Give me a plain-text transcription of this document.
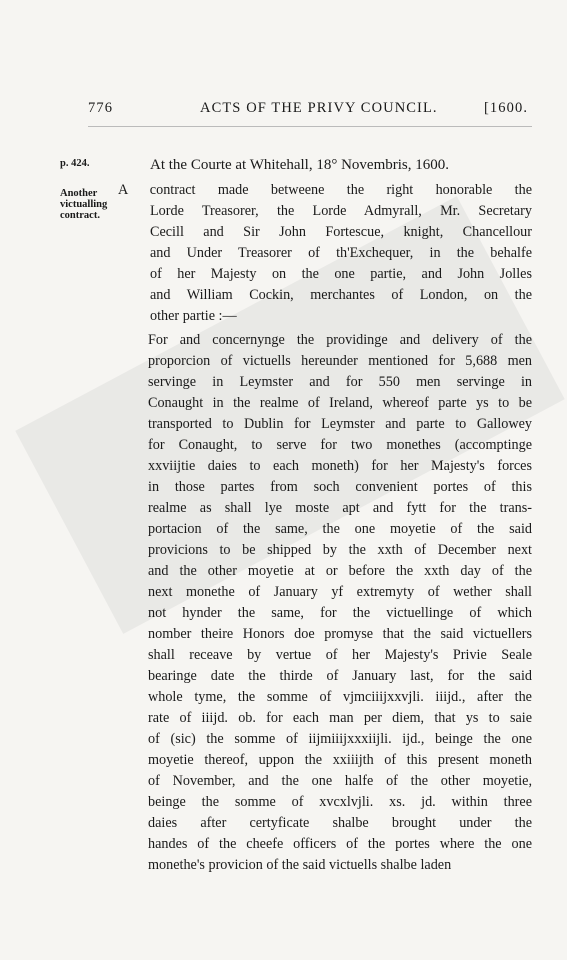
776	ACTS OF THE PRIVY COUNCIL.	[1600.
p. 424.
Another
victualling
contract.
At the Courte at Whitehall, 18° Novembris, 1600.
A contract made betweene the right honorable the
Lorde Treasorer, the Lorde Admyrall, Mr. Secretary
Cecill and Sir John Fortescue, knight, Chancellour
and Under Treasorer of th'Exchequer, in the behalfe
of her Majesty on the one partie, and John Jolles
and William Cockin, merchantes of London, on the
other partie :—
For and concernynge the providinge and delivery of the
proporcion of victuells hereunder mentioned for 5,688 men
servinge in Leymster and for 550 men servinge in
Conaught in the realme of Ireland, whereof parte ys to be
transported to Dublin for Leymster and parte to Gallowey
for Conaught, to serve for two monethes (accomptinge
xxviijtie daies to each moneth) for her Majesty's forces
in those partes from soch convenient portes of this
realme as shall lye moste apt and fytt for the trans-
portacion of the same, the one moyetie of the said
provicions to be shipped by the xxth of December next
and the other moyetie at or before the xxth day of the
next monethe of January yf extremyty of wether shall
not hynder the same, for the victuellinge of which
nomber theire Honors doe promyse that the said victuellers
shall receave by vertue of her Majesty's Privie Seale
bearinge date the thirde of January last, for the said
whole tyme, the somme of vjmciiijxxvjli. iiijd., after the
rate of iiijd. ob. for each man per diem, that ys to saie
of (sic) the somme of iijmiiijxxxiijli. ijd., beinge the one
moyetie thereof, uppon the xxiiijth of this present moneth
of November, and the one halfe of the other moyetie,
beinge the somme of xvcxlvjli. xs. jd. within three
daies after certyficate shalbe brought under the
handes of the cheefe officers of the portes where the one
monethe's provicion of the said victuells shalbe laden
